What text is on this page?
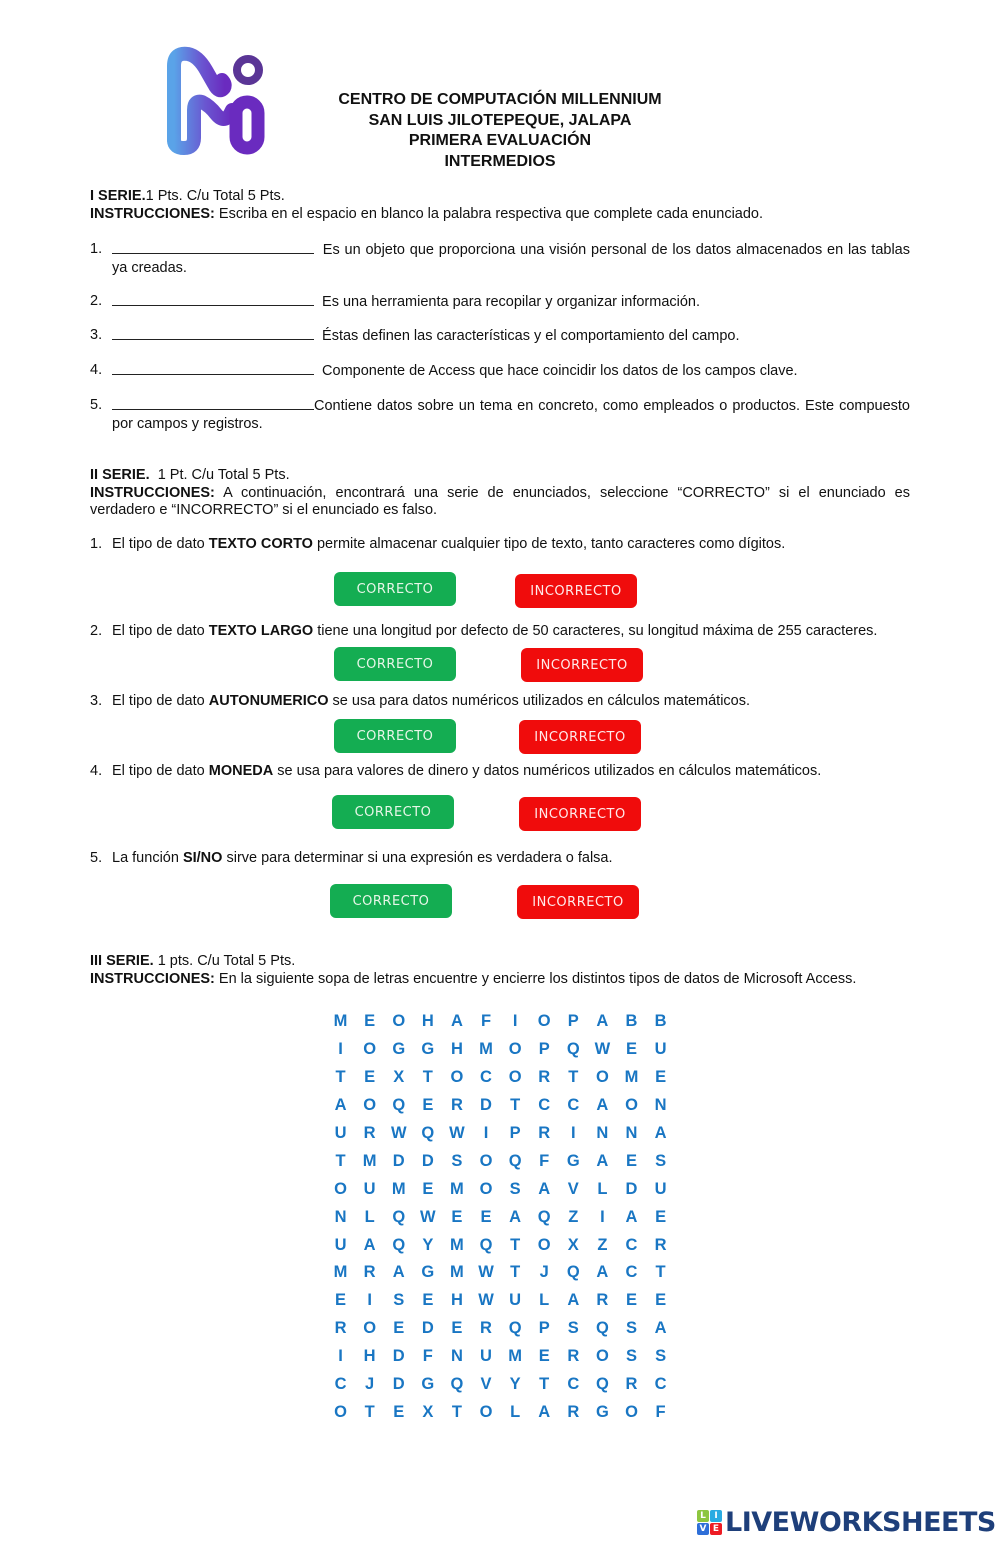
CENTRO DE COMPUTACIÓN MILLENNIUM
SAN LUIS JILOTEPEQUE, JALAPA
PRIMERA EVALUACIÓN
INTERMEDIOS
I SERIE.1 Pts. C/u Total 5 Pts.
INSTRUCCIONES: Escriba en el espacio en blanco la palabra respectiva que complete cada enunciado.
1.	Es un objeto que proporciona una visión personal de los datos almacenados en las tablas ya creadas.
2.	Es una herramienta para recopilar y organizar información.
3.	Éstas definen las características y el comportamiento del campo.
4.	Componente de Access que hace coincidir los datos de los campos clave.
5.	Contiene datos sobre un tema en concreto, como empleados o productos. Este compuesto por campos y registros.
II SERIE.  1 Pt. C/u Total 5 Pts.
INSTRUCCIONES: A continuación, encontrará una serie de enunciados, seleccione “CORRECTO” si el enunciado es verdadero e “INCORRECTO” si el enunciado es falso.
1. El tipo de dato TEXTO CORTO permite almacenar cualquier tipo de texto, tanto caracteres como dígitos.
CORRECTO	INCORRECTO
2. El tipo de dato TEXTO LARGO tiene una longitud por defecto de 50 caracteres, su longitud máxima de 255 caracteres.
CORRECTO	INCORRECTO
3. El tipo de dato AUTONUMERICO se usa para datos numéricos utilizados en cálculos matemáticos.
CORRECTO	INCORRECTO
4. El tipo de dato MONEDA se usa para valores de dinero y datos numéricos utilizados en cálculos matemáticos.
CORRECTO	INCORRECTO
5. La función SI/NO sirve para determinar si una expresión es verdadera o falsa.
CORRECTO	INCORRECTO
III SERIE. 1 pts. C/u Total 5 Pts.
INSTRUCCIONES: En la siguiente sopa de letras encuentre y encierre los distintos tipos de datos de Microsoft Access.
M	E	O	H	A	F	I	O	P	A	B	B
I	O G G	H M O	P	Q W E	U
T	E	X	T	O	C	O	R	T	O M	E
A	O Q	E	R	D	T	C	C	A	O	N
U	R W Q W	I	P	R	I	N	N	A
T	M D	D	S	O Q	F	G	A	E	S
O	U M	E	M O	S	A	V	L	D	U
N	L	Q W E	E	A	Q	Z	I	A	E
U	A	Q	Y	M Q	T	O	X	Z	C	R
M R	A	G M W T	J	Q	A	C	T
E	I	S	E	H W U	L	A	R	E	E
R	O	E	D	E	R	Q	P	S	Q	S	A
I	H	D	F	N	U M	E	R	O	S	S
C	J	D	G Q	V	Y	T	C	Q	R	C
O	T	E	X	T	O	L	A	R	G O	F
L I
V E LIVEWORKSHEETS
